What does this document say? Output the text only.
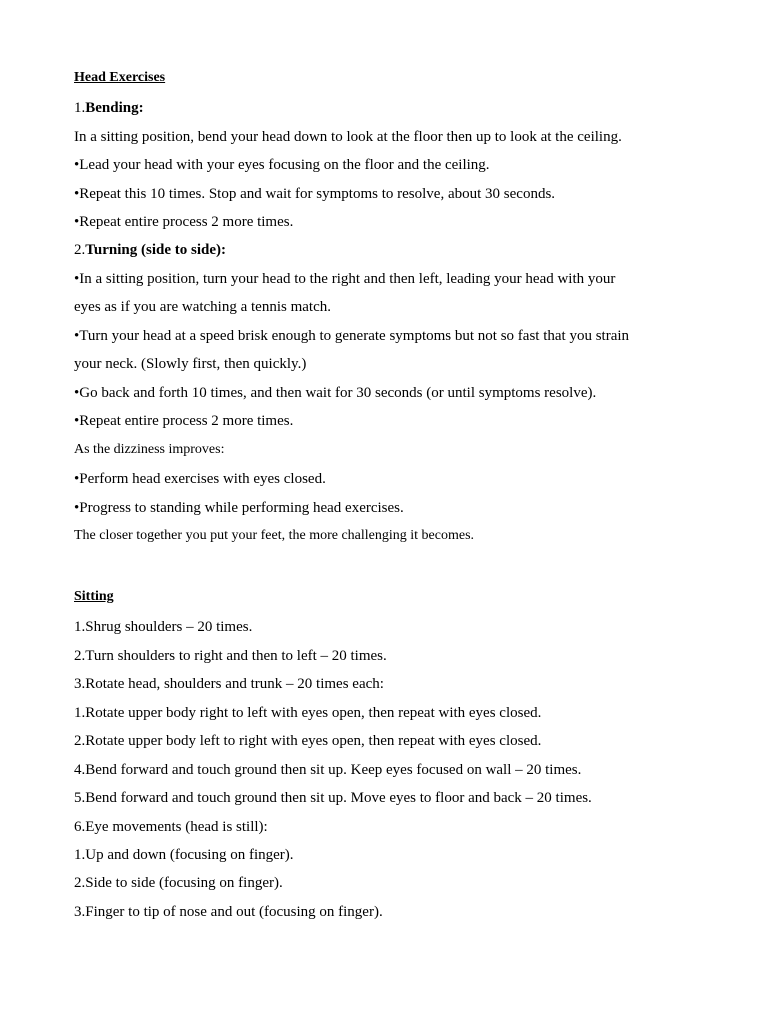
Head Exercises
1.Bending:
In a sitting position, bend your head down to look at the floor then up to look at the ceiling.
•Lead your head with your eyes focusing on the floor and the ceiling.
•Repeat this 10 times. Stop and wait for symptoms to resolve, about 30 seconds.
•Repeat entire process 2 more times.
2.Turning (side to side):
•In a sitting position, turn your head to the right and then left, leading your head with your
eyes as if you are watching a tennis match.
•Turn your head at a speed brisk enough to generate symptoms but not so fast that you strain
your neck. (Slowly first, then quickly.)
•Go back and forth 10 times, and then wait for 30 seconds (or until symptoms resolve).
•Repeat entire process 2 more times.
As the dizziness improves:
•Perform head exercises with eyes closed.
•Progress to standing while performing head exercises.
The closer together you put your feet, the more challenging it becomes.
Sitting
1.Shrug shoulders – 20 times.
2.Turn shoulders to right and then to left – 20 times.
3.Rotate head, shoulders and trunk – 20 times each:
1.Rotate upper body right to left with eyes open, then repeat with eyes closed.
2.Rotate upper body left to right with eyes open, then repeat with eyes closed.
4.Bend forward and touch ground then sit up. Keep eyes focused on wall – 20 times.
5.Bend forward and touch ground then sit up. Move eyes to floor and back – 20 times.
6.Eye movements (head is still):
1.Up and down (focusing on finger).
2.Side to side (focusing on finger).
3.Finger to tip of nose and out (focusing on finger).
